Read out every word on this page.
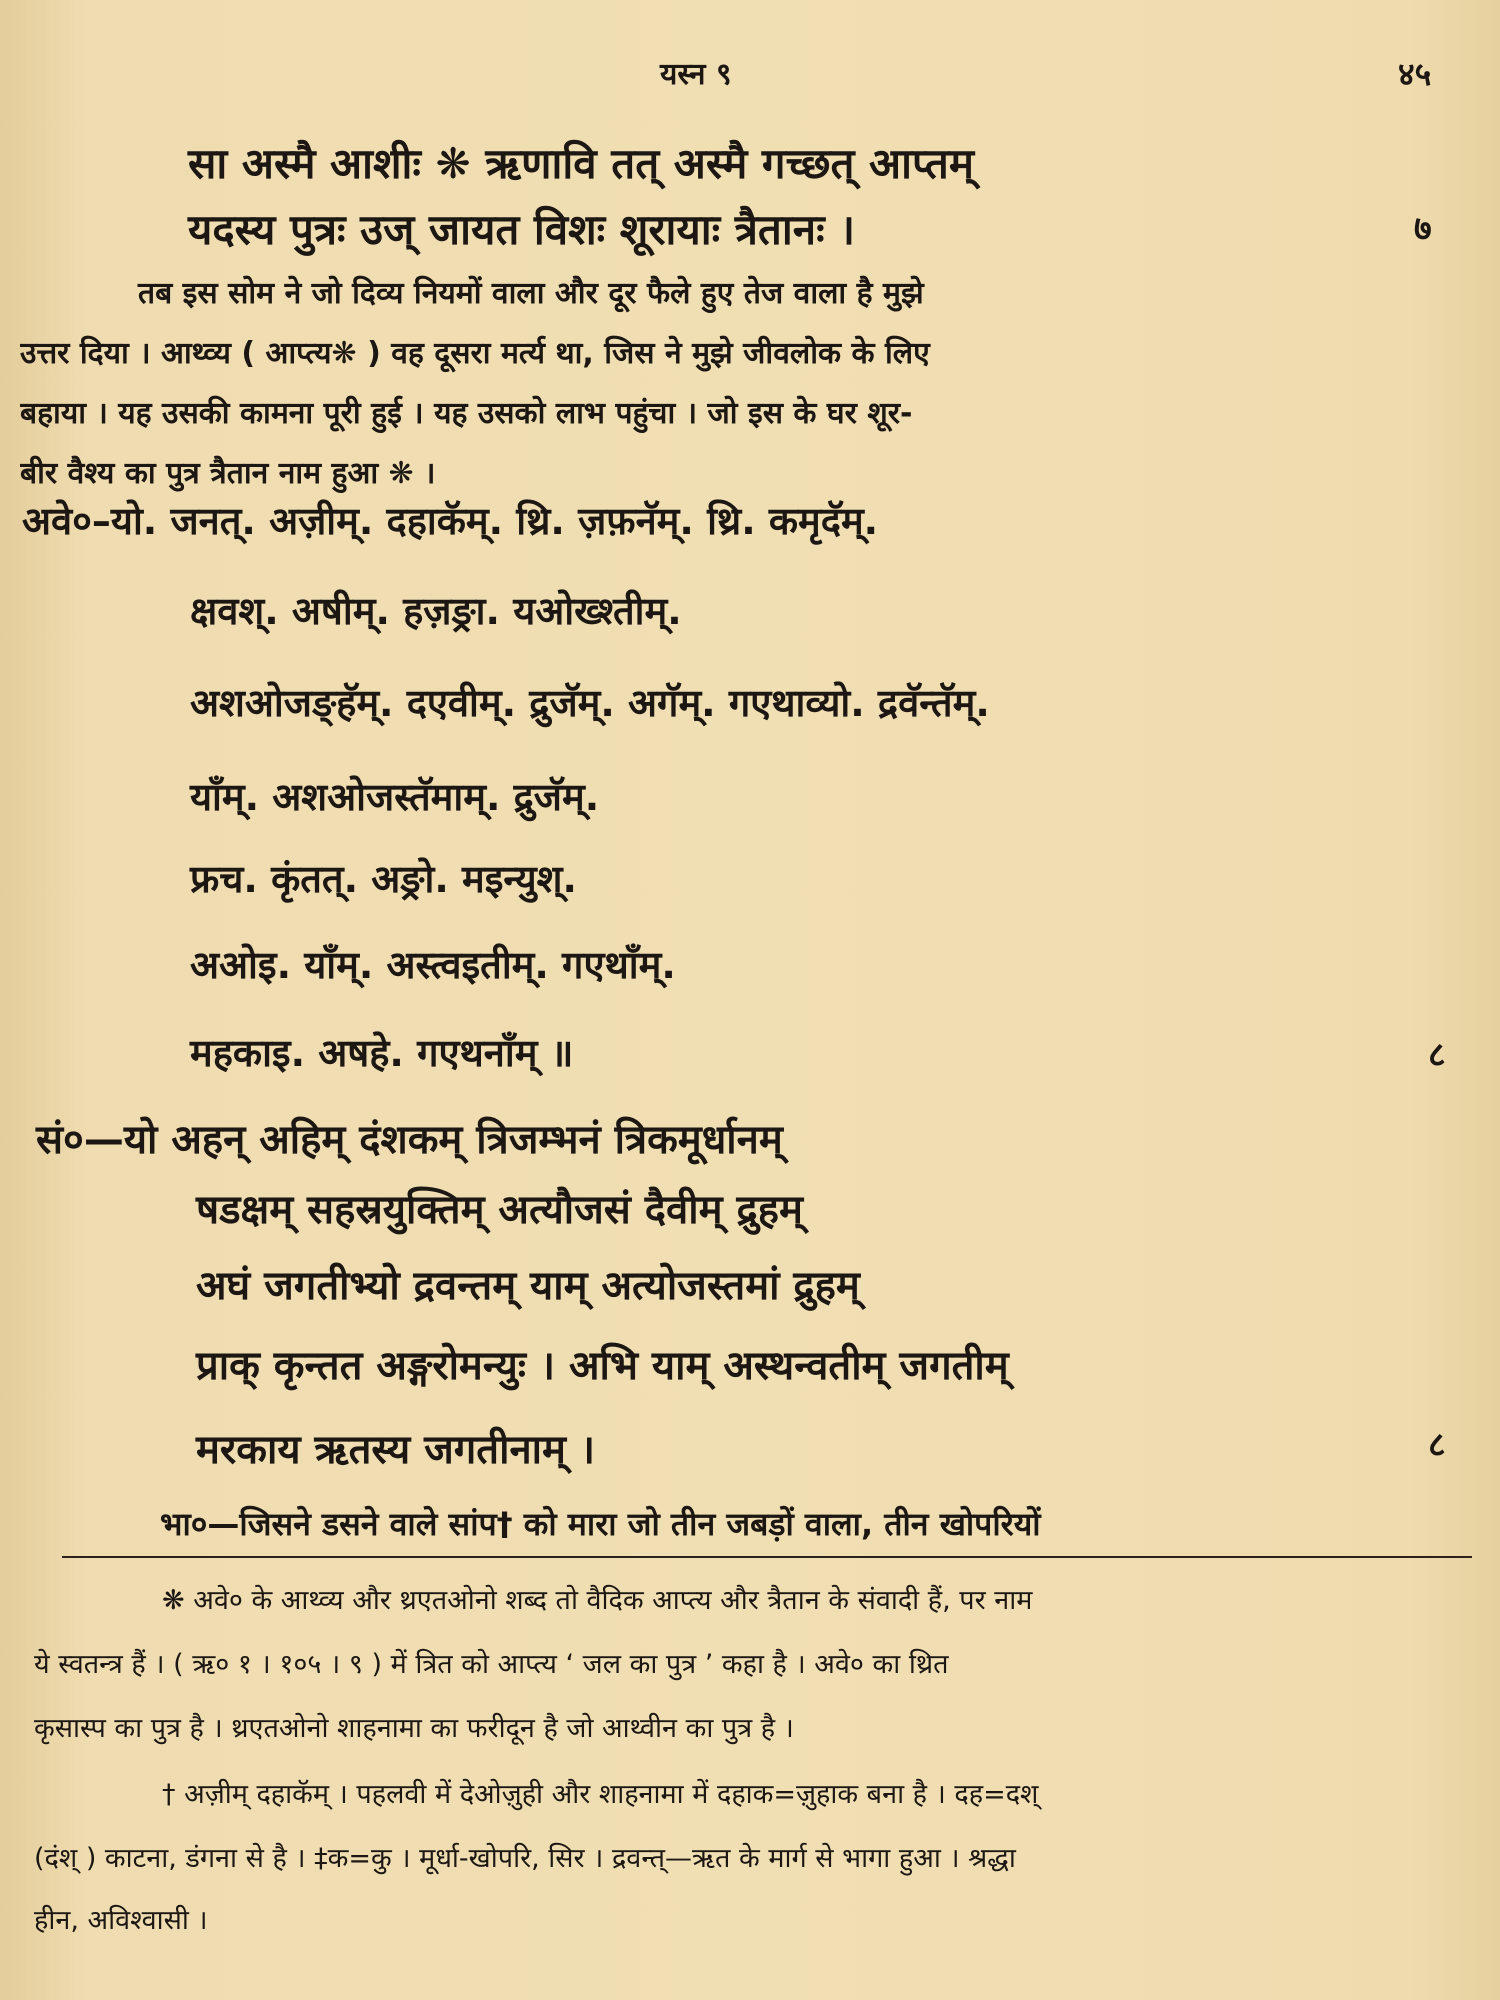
यस्न ९	४५
सा अस्मै आशीः ❋ ऋणावि तत् अस्मै गच्छत् आप्तम्
यदस्य पुत्रः उज् जायत विशः शूरायाः त्रैतानः ।	७
तब इस सोम ने जो दिव्य नियमों वाला और दूर फैले हुए तेज वाला है मुझे
उत्तर दिया । आथ्व्य ( आप्त्य❋ ) वह दूसरा मर्त्य था, जिस ने मुझे जीवलोक के लिए
बहाया । यह उसकी कामना पूरी हुई । यह उसको लाभ पहुंचा । जो इस के घर शूर-
बीर वैश्य का पुत्र त्रैतान नाम हुआ ❋ ।
अवे०–यो. जनत्. अज़ीम्. दहाकॅम्. थ्रि. ज़फ़नॅम्. थ्रि. कमृदॅम्.
क्षवश्. अषीम्. हज़ङ्रा. यओख्श्तीम्.
अशओजङ्हॅम्. दएवीम्. द्रुजॅम्. अगॅम्. गएथाव्यो. द्रवॅन्तॅम्.
याँम्. अशओजस्तॅमाम्. द्रुजॅम्.
फ्रच. कृंतत्. अङ्रो. मइन्युश्.
अओइ. याँम्. अस्त्वइतीम्. गएथाँम्.
महकाइ. अषहे. गएथनाँम् ॥	८
सं०—यो अहन् अहिम् दंशकम् त्रिजम्भनं त्रिकमूर्धानम्
षडक्षम् सहस्रयुक्तिम् अत्यौजसं दैवीम् द्रुहम्
अघं जगतीभ्यो द्रवन्तम् याम् अत्योजस्तमां द्रुहम्
प्राक् कृन्तत अङ्गरोमन्युः । अभि याम् अस्थन्वतीम् जगतीम्
मरकाय ऋतस्य जगतीनाम् ।	८
भा०—जिसने डसने वाले सांप† को मारा जो तीन जबड़ों वाला, तीन खोपरियों
❋ अवे० के आथ्व्य और थ्रएतओनो शब्द तो वैदिक आप्त्य और त्रैतान के संवादी हैं, पर नाम
ये स्वतन्त्र हैं । ( ऋ० १ । १०५ । ९ ) में त्रित को आप्त्य ‘ जल का पुत्र ’ कहा है । अवे० का थ्रित
कृसास्प का पुत्र है । थ्रएतओनो शाहनामा का फरीदून है जो आथ्वीन का पुत्र है ।
† अज़ीम् दहाकॅम् । पहलवी में देओज़ुही और शाहनामा में दहाक=ज़ुहाक बना है । दह=दश्
(दंश् ) काटना, डंगना से है । ‡क=कु । मूर्धा-खोपरि, सिर । द्रवन्त्—ऋत के मार्ग से भागा हुआ । श्रद्धा
हीन, अविश्वासी ।
